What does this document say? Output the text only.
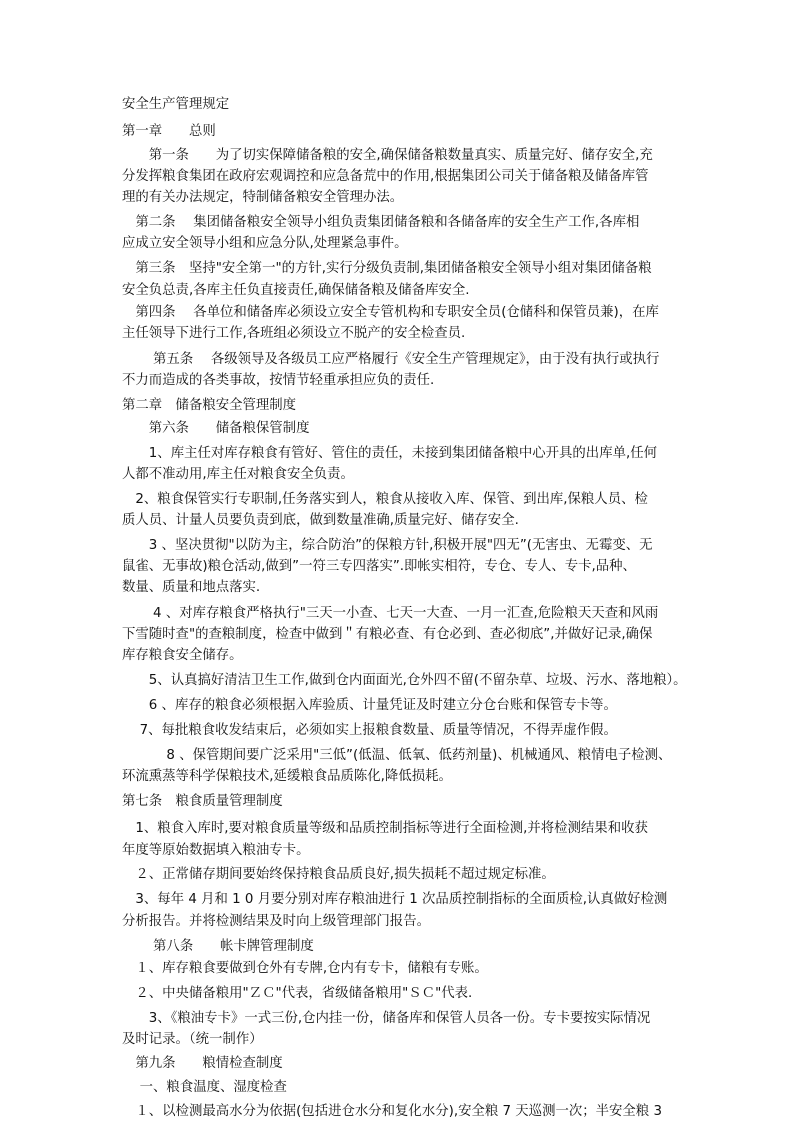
安全生产管理规定
第一章　　总则
　　第一条　　为了切实保障储备粮的安全,确保储备粮数量真实、质量完好、储存安全,充
分发挥粮食集团在政府宏观调控和应急备荒中的作用,根据集团公司关于储备粮及储备库管
理的有关办法规定，特制储备粮安全管理办法。
　第二条　 集团储备粮安全领导小组负责集团储备粮和各储备库的安全生产工作,各库相
应成立安全领导小组和应急分队,处理紧急事件。
　第三条　坚持"安全第一"的方针,实行分级负责制,集团储备粮安全领导小组对集团储备粮
安全负总责,各库主任负直接责任,确保储备粮及储备库安全.
　第四条　 各单位和储备库必须设立安全专管机构和专职安全员(仓储科和保管员兼)，在库
主任领导下进行工作,各班组必须设立不脱产的安全检查员.
　　 第五条　 各级领导及各级员工应严格履行《安全生产管理规定》，由于没有执行或执行
不力而造成的各类事故，按情节轻重承担应负的责任.
第二章　储备粮安全管理制度
　　第六条　　储备粮保管制度
　　1、库主任对库存粮食有管好、管住的责任，未接到集团储备粮中心开具的出库单,任何
人都不准动用,库主任对粮食安全负责。
　2、粮食保管实行专职制,任务落实到人，粮食从接收入库、保管、到出库,保粮人员、检
质人员、计量人员要负责到底，做到数量准确,质量完好、储存安全.
　　3 、坚决贯彻"以防为主，综合防治”的保粮方针,积极开展"四无”(无害虫、无霉变、无
鼠雀、无事故)粮仓活动,做到”一符三专四落实”.即帐实相符，专仓、专人、专卡,品种、
数量、质量和地点落实.
　　 4 、对库存粮食严格执行"三天一小查、七天一大查、一月一汇查,危险粮天天查和风雨
下雪随时查"的查粮制度，检查中做到＂有粮必查、有仓必到、查必彻底”,并做好记录,确保
库存粮食安全储存。
　　5、认真搞好清洁卫生工作,做到仓内面面光,仓外四不留(不留杂草、垃圾、污水、落地粮）。
　　6 、库存的粮食必须根据入库验质、计量凭证及时建立分仓台账和保管专卡等。
　 7、每批粮食收发结束后，必须如实上报粮食数量、质量等情况，不得弄虚作假。
　　　 8 、保管期间要广泛采用"三低”(低温、低氧、低药剂量)、机械通风、粮情电子检测、
环流熏蒸等科学保粮技术,延缓粮食品质陈化,降低损耗。
第七条　粮食质量管理制度
　1、粮食入库时,要对粮食质量等级和品质控制指标等进行全面检测,并将检测结果和收获
年度等原始数据填入粮油专卡。
　２、正常储存期间要始终保持粮食品质良好,损失损耗不超过规定标准。
　3、每年 4 月和 1 0 月要分别对库存粮油进行 1 次品质控制指标的全面质检,认真做好检测
分析报告。并将检测结果及时向上级管理部门报告。
　　 第八条　　帐卡牌管理制度
　１、库存粮食要做到仓外有专牌,仓内有专卡，储粮有专账。
　２、中央储备粮用"ＺＣ"代表，省级储备粮用"ＳＣ"代表.
　　3、《粮油专卡》一式三份,仓内挂一份，储备库和保管人员各一份。专卡要按实际情况
及时记录。（统一制作）
　第九条　　粮情检查制度
　 一、粮食温度、湿度检查
　１、以检测最高水分为依据(包括进仓水分和复化水分),安全粮 7 天巡测一次；半安全粮 3
